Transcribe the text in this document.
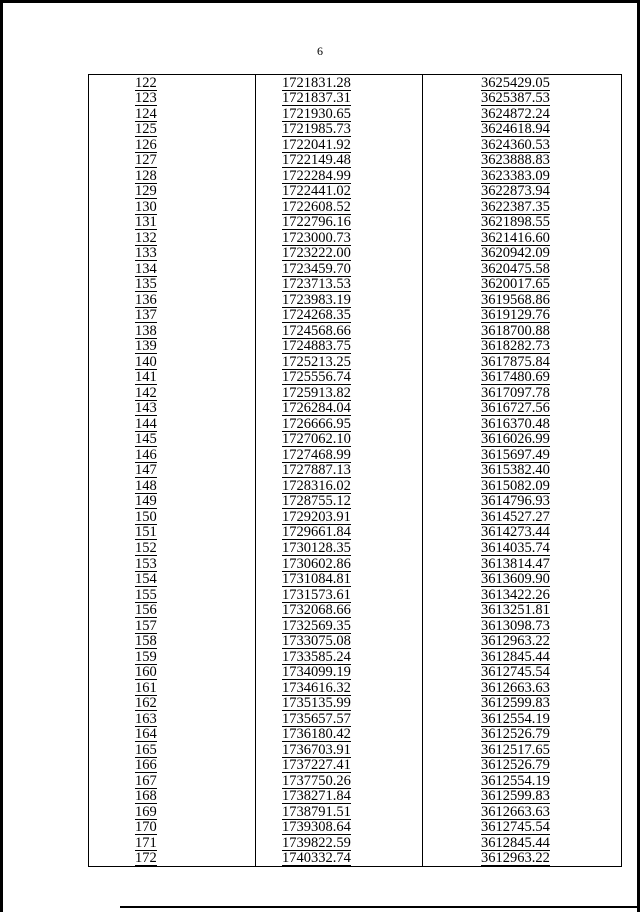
6
122	1721831.28	3625429.05
123	1721837.31	3625387.53
124	1721930.65	3624872.24
125	1721985.73	3624618.94
126	1722041.92	3624360.53
127	1722149.48	3623888.83
128	1722284.99	3623383.09
129	1722441.02	3622873.94
130	1722608.52	3622387.35
131	1722796.16	3621898.55
132	1723000.73	3621416.60
133	1723222.00	3620942.09
134	1723459.70	3620475.58
135	1723713.53	3620017.65
136	1723983.19	3619568.86
137	1724268.35	3619129.76
138	1724568.66	3618700.88
139	1724883.75	3618282.73
140	1725213.25	3617875.84
141	1725556.74	3617480.69
142	1725913.82	3617097.78
143	1726284.04	3616727.56
144	1726666.95	3616370.48
145	1727062.10	3616026.99
146	1727468.99	3615697.49
147	1727887.13	3615382.40
148	1728316.02	3615082.09
149	1728755.12	3614796.93
150	1729203.91	3614527.27
151	1729661.84	3614273.44
152	1730128.35	3614035.74
153	1730602.86	3613814.47
154	1731084.81	3613609.90
155	1731573.61	3613422.26
156	1732068.66	3613251.81
157	1732569.35	3613098.73
158	1733075.08	3612963.22
159	1733585.24	3612845.44
160	1734099.19	3612745.54
161	1734616.32	3612663.63
162	1735135.99	3612599.83
163	1735657.57	3612554.19
164	1736180.42	3612526.79
165	1736703.91	3612517.65
166	1737227.41	3612526.79
167	1737750.26	3612554.19
168	1738271.84	3612599.83
169	1738791.51	3612663.63
170	1739308.64	3612745.54
171	1739822.59	3612845.44
172	1740332.74	3612963.22
